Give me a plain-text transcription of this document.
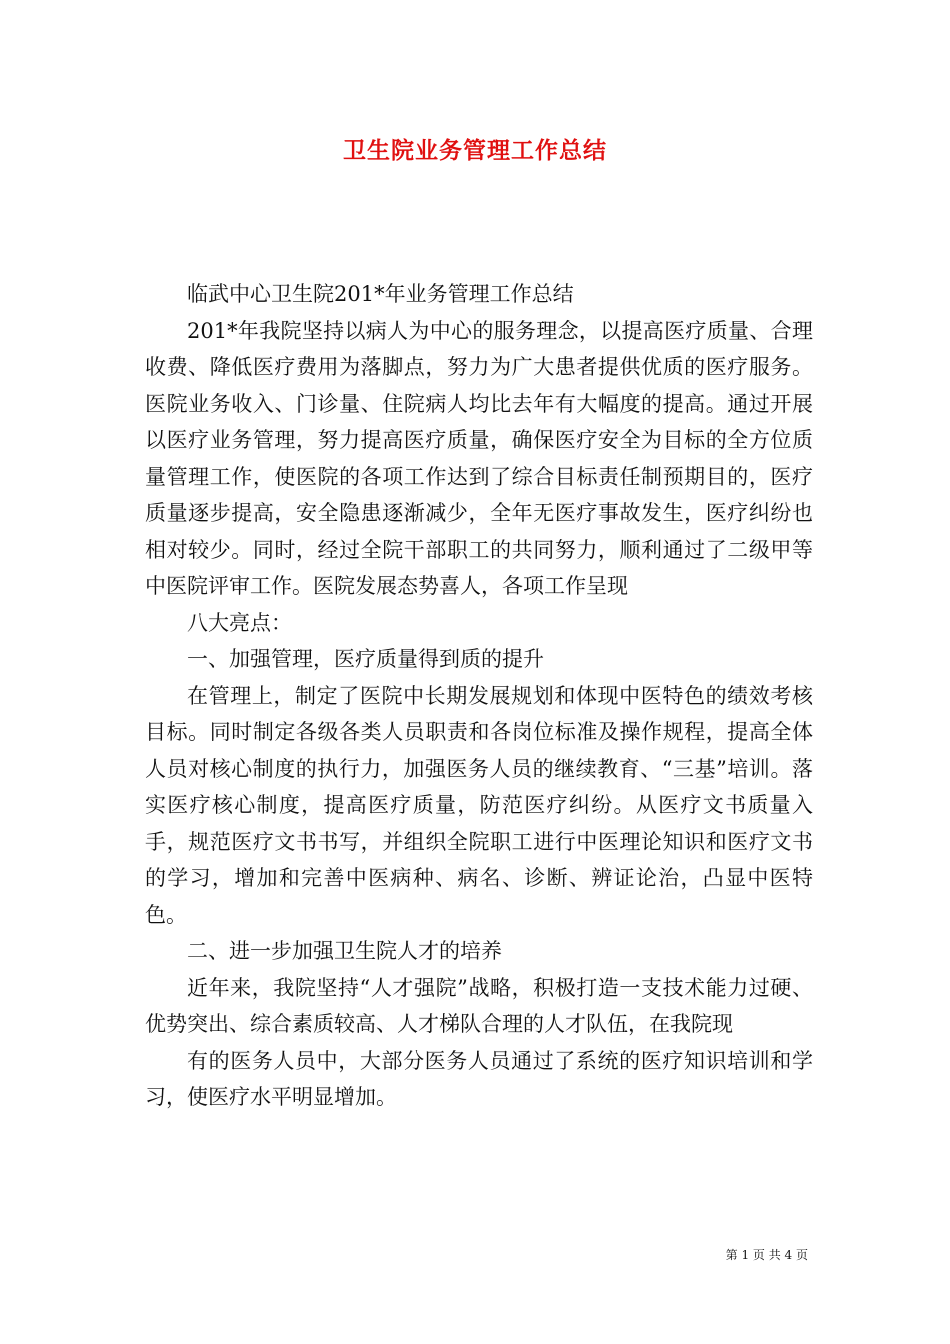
卫生院业务管理工作总结

临武中心卫生院201*年业务管理工作总结

201*年我院坚持以病人为中心的服务理念，以提高医疗质量、合理收费、降低医疗费用为落脚点，努力为广大患者提供优质的医疗服务。医院业务收入、门诊量、住院病人均比去年有大幅度的提高。通过开展以医疗业务管理，努力提高医疗质量，确保医疗安全为目标的全方位质量管理工作，使医院的各项工作达到了综合目标责任制预期目的，医疗质量逐步提高，安全隐患逐渐减少，全年无医疗事故发生，医疗纠纷也相对较少。同时，经过全院干部职工的共同努力，顺利通过了二级甲等中医院评审工作。医院发展态势喜人，各项工作呈现

八大亮点：

一、加强管理，医疗质量得到质的提升

在管理上，制定了医院中长期发展规划和体现中医特色的绩效考核目标。同时制定各级各类人员职责和各岗位标准及操作规程，提高全体人员对核心制度的执行力，加强医务人员的继续教育、“三基”培训。落实医疗核心制度，提高医疗质量，防范医疗纠纷。从医疗文书质量入手，规范医疗文书书写，并组织全院职工进行中医理论知识和医疗文书的学习，增加和完善中医病种、病名、诊断、辨证论治，凸显中医特色。

二、进一步加强卫生院人才的培养

近年来，我院坚持“人才强院”战略，积极打造一支技术能力过硬、优势突出、综合素质较高、人才梯队合理的人才队伍，在我院现

有的医务人员中，大部分医务人员通过了系统的医疗知识培训和学习，使医疗水平明显增加。

第 1 页 共 4 页
